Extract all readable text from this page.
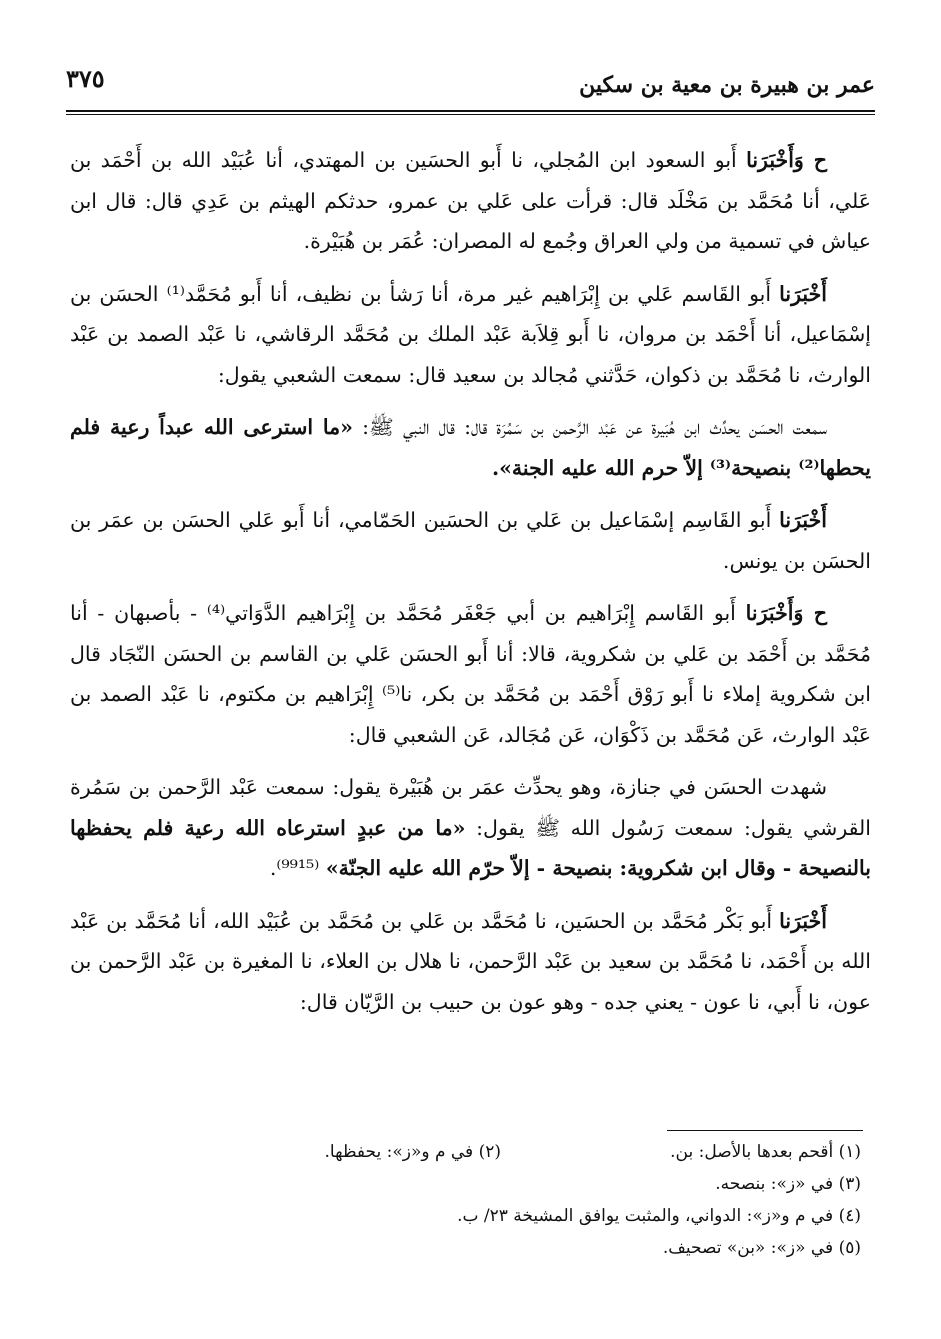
عمر بن هبيرة بن معية بن سكين
٣٧٥

ح وَأَخْبَرَنا أَبو السعود ابن المُجلي، نا أَبو الحسَين بن المهتدي، أنا عُبَيْد الله بن أَحْمَد بن عَلي، أنا مُحَمَّد بن مَخْلَد قال: قرأت على عَلي بن عمرو، حدثكم الهيثم بن عَدِي قال: قال ابن عياش في تسمية من ولي العراق وجُمع له المصران: عُمَر بن هُبَيْرة.

أَخْبَرَنا أَبو القَاسم عَلي بن إِبْرَاهيم غير مرة، أنا رَشأ بن نظيف، أنا أَبو مُحَمَّد⁽¹⁾ الحسَن بن إسْمَاعيل، أنا أَحْمَد بن مروان، نا أَبو قِلاَبة عَبْد الملك بن مُحَمَّد الرقاشي، نا عَبْد الصمد بن عَبْد الوارث، نا مُحَمَّد بن ذكوان، حَدَّثني مُجالد بن سعيد قال: سمعت الشعبي يقول:

سمعت الحسَن يحدِّث ابن هُبَيرة عن عَبْد الرَّحمن بن سَمُرَة قال: قال النبي ﷺ: «ما استرعى الله عبداً رعية فلم يحطها⁽²⁾ بنصيحة⁽³⁾ إلاّ حرم الله عليه الجنة».

أَخْبَرَنا أَبو القَاسِم إسْمَاعيل بن عَلي بن الحسَين الحَمّامي، أنا أَبو عَلي الحسَن بن عمَر بن الحسَن بن يونس.

ح وَأَخْبَرَنا أَبو القَاسم إِبْرَاهيم بن أبي جَعْفَر مُحَمَّد بن إِبْرَاهيم الدَّوَاتي⁽⁴⁾ - بأصبهان - أنا مُحَمَّد بن أَحْمَد بن عَلي بن شكروية، قالا: أنا أَبو الحسَن عَلي بن القاسم بن الحسَن النّجَاد قال ابن شكروية إملاء نا أَبو رَوْق أَحْمَد بن مُحَمَّد بن بكر، نا⁽⁵⁾ إِبْرَاهيم بن مكتوم، نا عَبْد الصمد بن عَبْد الوارث، عَن مُحَمَّد بن ذَكْوَان، عَن مُجَالد، عَن الشعبي قال:

شهدت الحسَن في جنازة، وهو يحدِّث عمَر بن هُبَيْرة يقول: سمعت عَبْد الرَّحمن بن سَمُرة القرشي يقول: سمعت رَسُول الله ﷺ يقول: «ما من عبدٍ استرعاه الله رعية فلم يحفظها بالنصيحة - وقال ابن شكروية: بنصيحة - إلاّ حرّم الله عليه الجنّة» ⁽⁹⁹¹⁵⁾.

أَخْبَرَنا أَبو بَكْر مُحَمَّد بن الحسَين، نا مُحَمَّد بن عَلي بن مُحَمَّد بن عُبَيْد الله، أنا مُحَمَّد بن عَبْد الله بن أَحْمَد، نا مُحَمَّد بن سعيد بن عَبْد الرَّحمن، نا هلال بن العلاء، نا المغيرة بن عَبْد الرَّحمن بن عون، نا أَبي، نا عون - يعني جده - وهو عون بن حبيب بن الرَّيّان قال:

(١) أقحم بعدها بالأصل: بن.
(٢) في م و«ز»: يحفظها.
(٣) في «ز»: بنصحه.
(٤) في م و«ز»: الدواني، والمثبت يوافق المشيخة ٢٣/ ب.
(٥) في «ز»: «بن» تصحيف.
